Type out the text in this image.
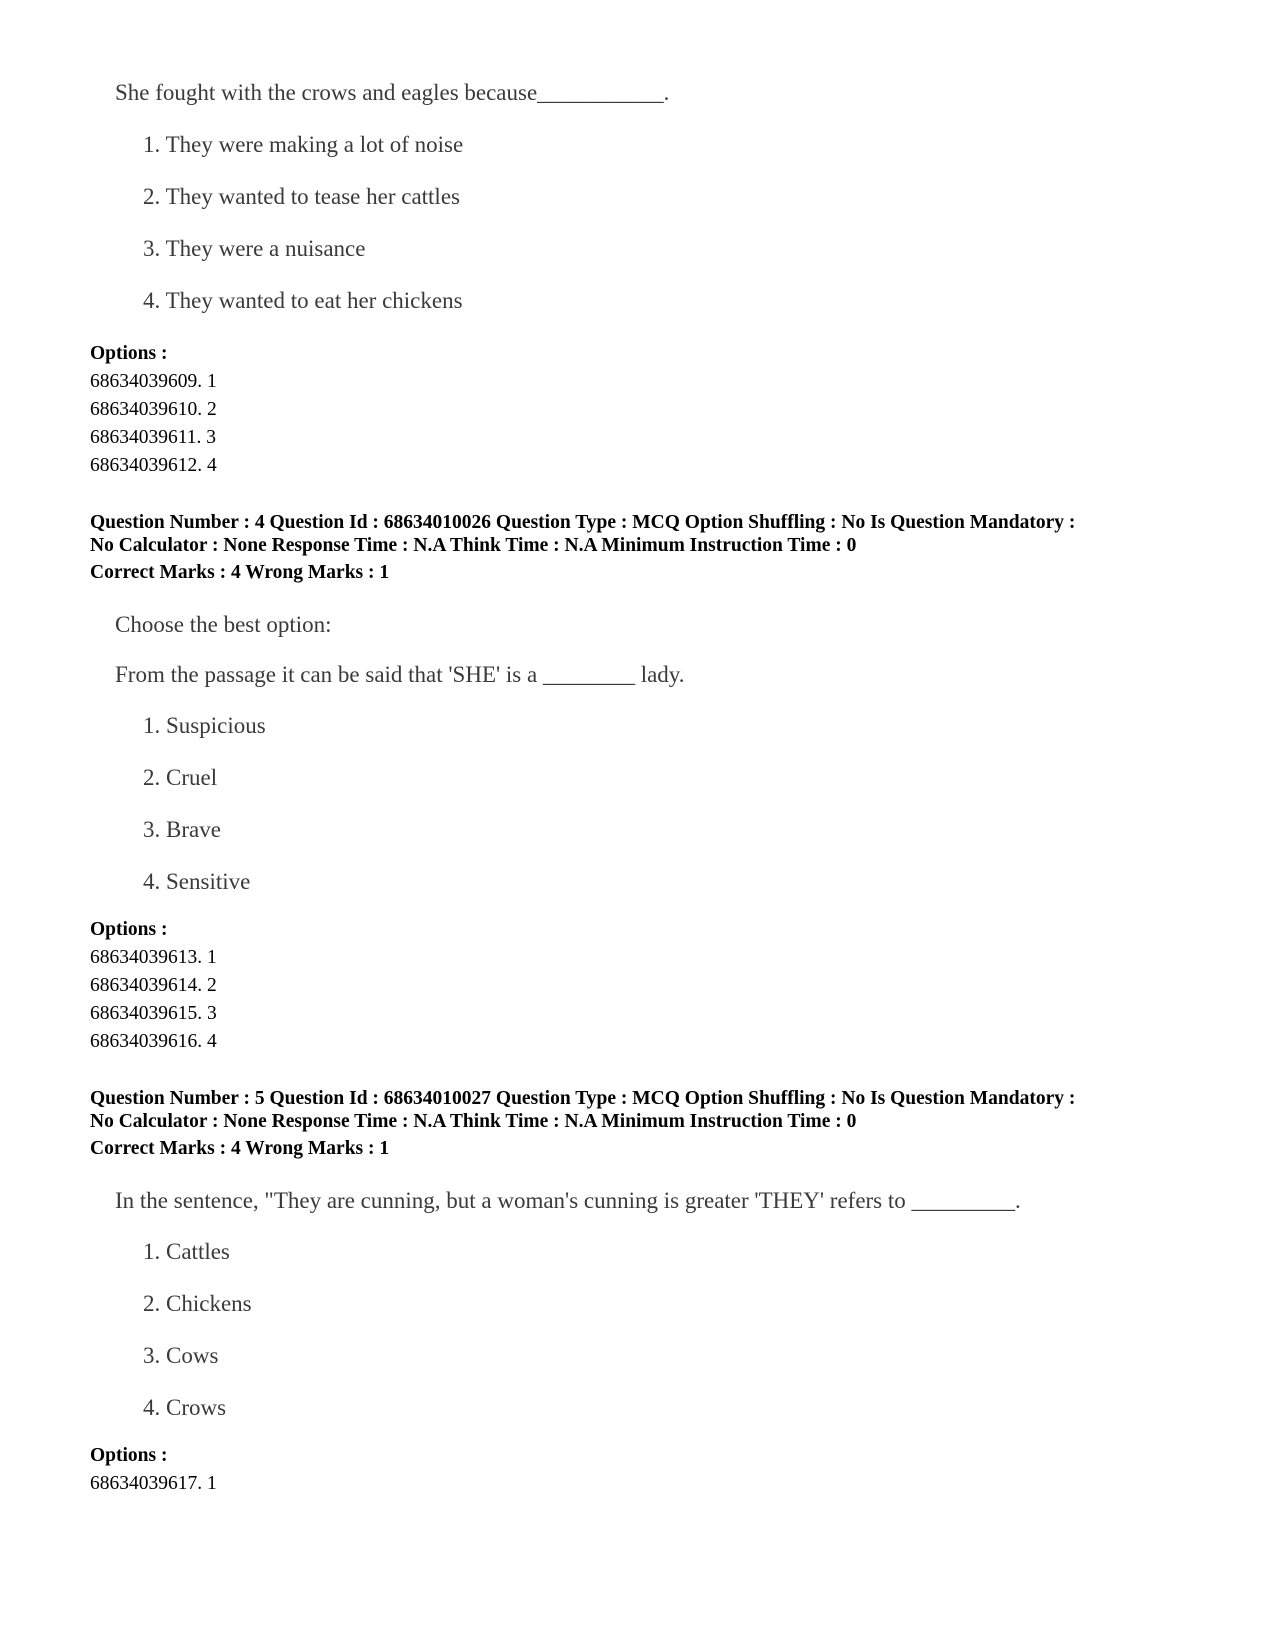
She fought with the crows and eagles because___________.
1. They were making a lot of noise
2. They wanted to tease her cattles
3. They were a nuisance
4. They wanted to eat her chickens
Options :
68634039609. 1
68634039610. 2
68634039611. 3
68634039612. 4
Question Number : 4 Question Id : 68634010026 Question Type : MCQ Option Shuffling : No Is Question Mandatory :
No Calculator : None Response Time : N.A Think Time : N.A Minimum Instruction Time : 0
Correct Marks : 4 Wrong Marks : 1
Choose the best option:
From the passage it can be said that 'SHE' is a ________ lady.
1. Suspicious
2. Cruel
3. Brave
4. Sensitive
Options :
68634039613. 1
68634039614. 2
68634039615. 3
68634039616. 4
Question Number : 5 Question Id : 68634010027 Question Type : MCQ Option Shuffling : No Is Question Mandatory :
No Calculator : None Response Time : N.A Think Time : N.A Minimum Instruction Time : 0
Correct Marks : 4 Wrong Marks : 1
In the sentence, "They are cunning, but a woman's cunning is greater 'THEY' refers to _________.
1. Cattles
2. Chickens
3. Cows
4. Crows
Options :
68634039617. 1
